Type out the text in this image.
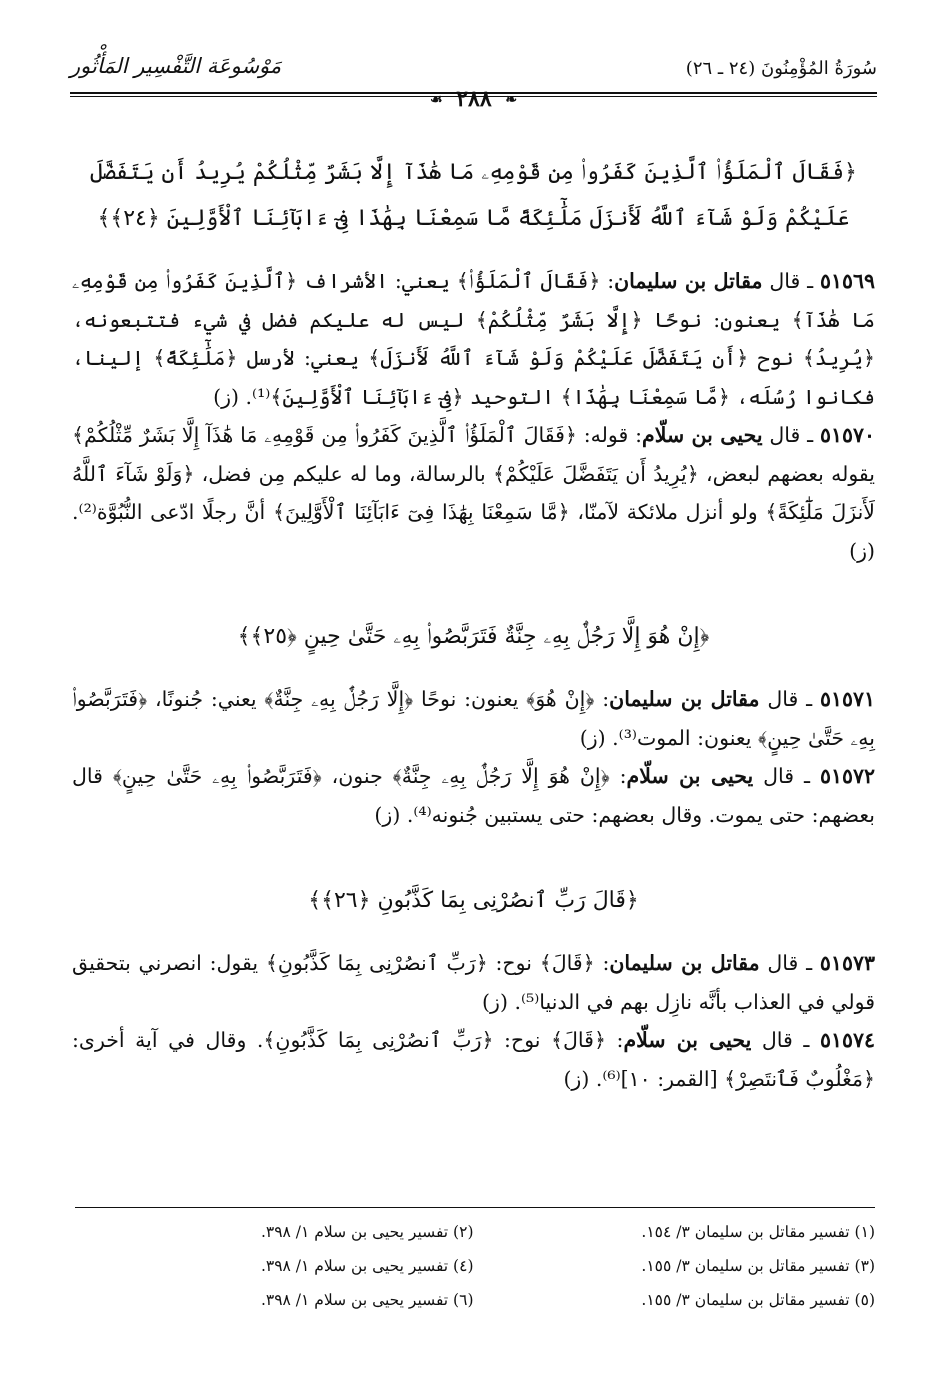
سُورَةُ المُؤْمِنُونَ (٢٤ ـ ٢٦)
مَوْسُوعَة التَّفْسِير المَأْثُور
❧ ٢٨٨ ☙
﴿فَقَالَ ٱلْمَلَؤُا۟ ٱلَّذِينَ كَفَرُوا۟ مِن قَوْمِهِۦ مَا هَٰذَآ إِلَّا بَشَرٌ مِّثْلُكُمْ يُرِيدُ أَن يَتَفَضَّلَ عَلَيْكُمْ وَلَوْ شَآءَ ٱللَّهُ لَأَنزَلَ مَلَٰٓئِكَةً مَّا سَمِعْنَا بِهَٰذَا فِىٓ ءَابَآئِنَا ٱلْأَوَّلِينَ ﴿٢٤﴾﴾

٥١٥٦٩ ـ قال مقاتل بن سليمان: ﴿فَقَالَ ٱلْمَلَؤُا۟﴾ يعني: الأشراف ﴿ٱلَّذِينَ كَفَرُوا۟ مِن قَوْمِهِۦ مَا هَٰذَآ﴾ يعنون: نوحًا ﴿إِلَّا بَشَرٌ مِّثْلُكُمْ﴾ ليس له عليكم فضل في شيء فتتبعونه، ﴿يُرِيدُ﴾ نوح ﴿أَن يَتَفَضَّلَ عَلَيْكُمْ وَلَوْ شَآءَ ٱللَّهُ لَأَنزَلَ﴾ يعني: لأرسل ﴿مَلَٰٓئِكَةً﴾ إلينا، فكانوا رُسُلَه، ﴿مَّا سَمِعْنَا بِهَٰذَا﴾ التوحيد ﴿فِىٓ ءَابَآئِنَا ٱلْأَوَّلِينَ﴾⁽¹⁾. (ز)

٥١٥٧٠ ـ قال يحيى بن سلّام: قوله: ﴿فَقَالَ ٱلْمَلَؤُا۟ ٱلَّذِينَ كَفَرُوا۟ مِن قَوْمِهِۦ مَا هَٰذَآ إِلَّا بَشَرٌ مِّثْلُكُمْ﴾ يقوله بعضهم لبعض، ﴿يُرِيدُ أَن يَتَفَضَّلَ عَلَيْكُمْ﴾ بالرسالة، وما له عليكم مِن فضل، ﴿وَلَوْ شَآءَ ٱللَّهُ لَأَنزَلَ مَلَٰٓئِكَةً﴾ ولو أنزل ملائكة لآمنّا، ﴿مَّا سَمِعْنَا بِهَٰذَا فِىٓ ءَابَآئِنَا ٱلْأَوَّلِينَ﴾ أنَّ رجلًا ادّعى النُّبُوَّة⁽²⁾. (ز)

﴿إِنْ هُوَ إِلَّا رَجُلٌۢ بِهِۦ جِنَّةٌ فَتَرَبَّصُوا۟ بِهِۦ حَتَّىٰ حِينٍ ﴿٢٥﴾﴾

٥١٥٧١ ـ قال مقاتل بن سليمان: ﴿إِنْ هُوَ﴾ يعنون: نوحًا ﴿إِلَّا رَجُلٌۢ بِهِۦ جِنَّةٌ﴾ يعني: جُنونًا، ﴿فَتَرَبَّصُوا۟ بِهِۦ حَتَّىٰ حِينٍ﴾ يعنون: الموت⁽³⁾. (ز)

٥١٥٧٢ ـ قال يحيى بن سلّام: ﴿إِنْ هُوَ إِلَّا رَجُلٌۢ بِهِۦ جِنَّةٌ﴾ جنون، ﴿فَتَرَبَّصُوا۟ بِهِۦ حَتَّىٰ حِينٍ﴾ قال بعضهم: حتى يموت. وقال بعضهم: حتى يستبين جُنونه⁽⁴⁾. (ز)

﴿قَالَ رَبِّ ٱنصُرْنِى بِمَا كَذَّبُونِ ﴿٢٦﴾﴾

٥١٥٧٣ ـ قال مقاتل بن سليمان: ﴿قَالَ﴾ نوح: ﴿رَبِّ ٱنصُرْنِى بِمَا كَذَّبُونِ﴾ يقول: انصرني بتحقيق قولي في العذاب بأنَّه نازِل بهم في الدنيا⁽⁵⁾. (ز)

٥١٥٧٤ ـ قال يحيى بن سلّام: ﴿قَالَ﴾ نوح: ﴿رَبِّ ٱنصُرْنِى بِمَا كَذَّبُونِ﴾. وقال في آية أخرى: ﴿مَغْلُوبٌ فَٱنتَصِرْ﴾ [القمر: ١٠]⁽⁶⁾. (ز)

(١) تفسير مقاتل بن سليمان ٣/ ١٥٤.
(٢) تفسير يحيى بن سلام ١/ ٣٩٨.
(٣) تفسير مقاتل بن سليمان ٣/ ١٥٥.
(٤) تفسير يحيى بن سلام ١/ ٣٩٨.
(٥) تفسير مقاتل بن سليمان ٣/ ١٥٥.
(٦) تفسير يحيى بن سلام ١/ ٣٩٨.
